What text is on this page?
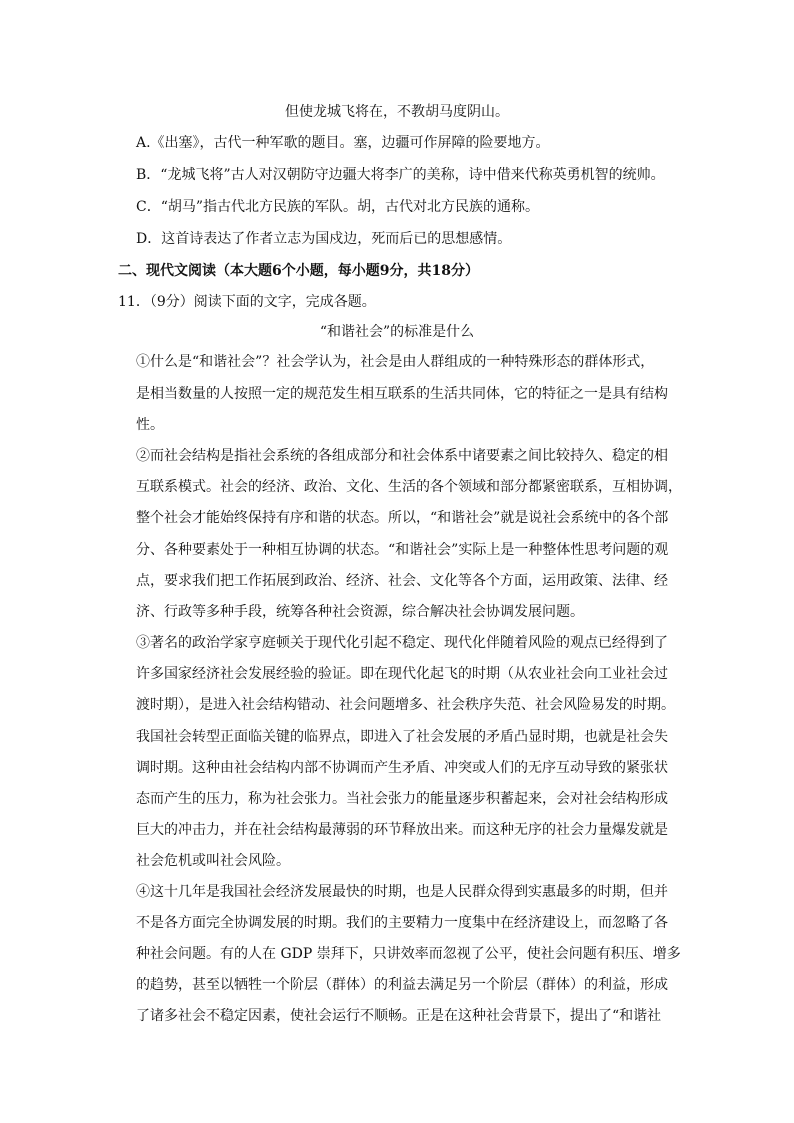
但使龙城飞将在，不教胡马度阴山。
A.《出塞》，古代一种军歌的题目。塞，边疆可作屏障的险要地方。
B．“龙城飞将”古人对汉朝防守边疆大将李广的美称，诗中借来代称英勇机智的统帅。
C．“胡马”指古代北方民族的军队。胡，古代对北方民族的通称。
D．这首诗表达了作者立志为国戍边，死而后已的思想感情。
二、现代文阅读（本大题6个小题，每小题9分，共18分）
11．（9分）阅读下面的文字，完成各题。
“和谐社会”的标准是什么
①什么是“和谐社会”？社会学认为，社会是由人群组成的一种特殊形态的群体形式，
是相当数量的人按照一定的规范发生相互联系的生活共同体，它的特征之一是具有结构
性。
②而社会结构是指社会系统的各组成部分和社会体系中诸要素之间比较持久、稳定的相
互联系模式。社会的经济、政治、文化、生活的各个领域和部分都紧密联系，互相协调，
整个社会才能始终保持有序和谐的状态。所以，“和谐社会”就是说社会系统中的各个部
分、各种要素处于一种相互协调的状态。“和谐社会”实际上是一种整体性思考问题的观
点，要求我们把工作拓展到政治、经济、社会、文化等各个方面，运用政策、法律、经
济、行政等多种手段，统筹各种社会资源，综合解决社会协调发展问题。
③著名的政治学家亨庭顿关于现代化引起不稳定、现代化伴随着风险的观点已经得到了
许多国家经济社会发展经验的验证。即在现代化起飞的时期（从农业社会向工业社会过
渡时期），是进入社会结构错动、社会问题增多、社会秩序失范、社会风险易发的时期。
我国社会转型正面临关键的临界点，即进入了社会发展的矛盾凸显时期，也就是社会失
调时期。这种由社会结构内部不协调而产生矛盾、冲突或人们的无序互动导致的紧张状
态而产生的压力，称为社会张力。当社会张力的能量逐步积蓄起来，会对社会结构形成
巨大的冲击力，并在社会结构最薄弱的环节释放出来。而这种无序的社会力量爆发就是
社会危机或叫社会风险。
④这十几年是我国社会经济发展最快的时期，也是人民群众得到实惠最多的时期，但并
不是各方面完全协调发展的时期。我们的主要精力一度集中在经济建设上，而忽略了各
种社会问题。有的人在 GDP 崇拜下，只讲效率而忽视了公平，使社会问题有积压、增多
的趋势，甚至以牺牲一个阶层（群体）的利益去满足另一个阶层（群体）的利益，形成
了诸多社会不稳定因素，使社会运行不顺畅。正是在这种社会背景下，提出了“和谐社
